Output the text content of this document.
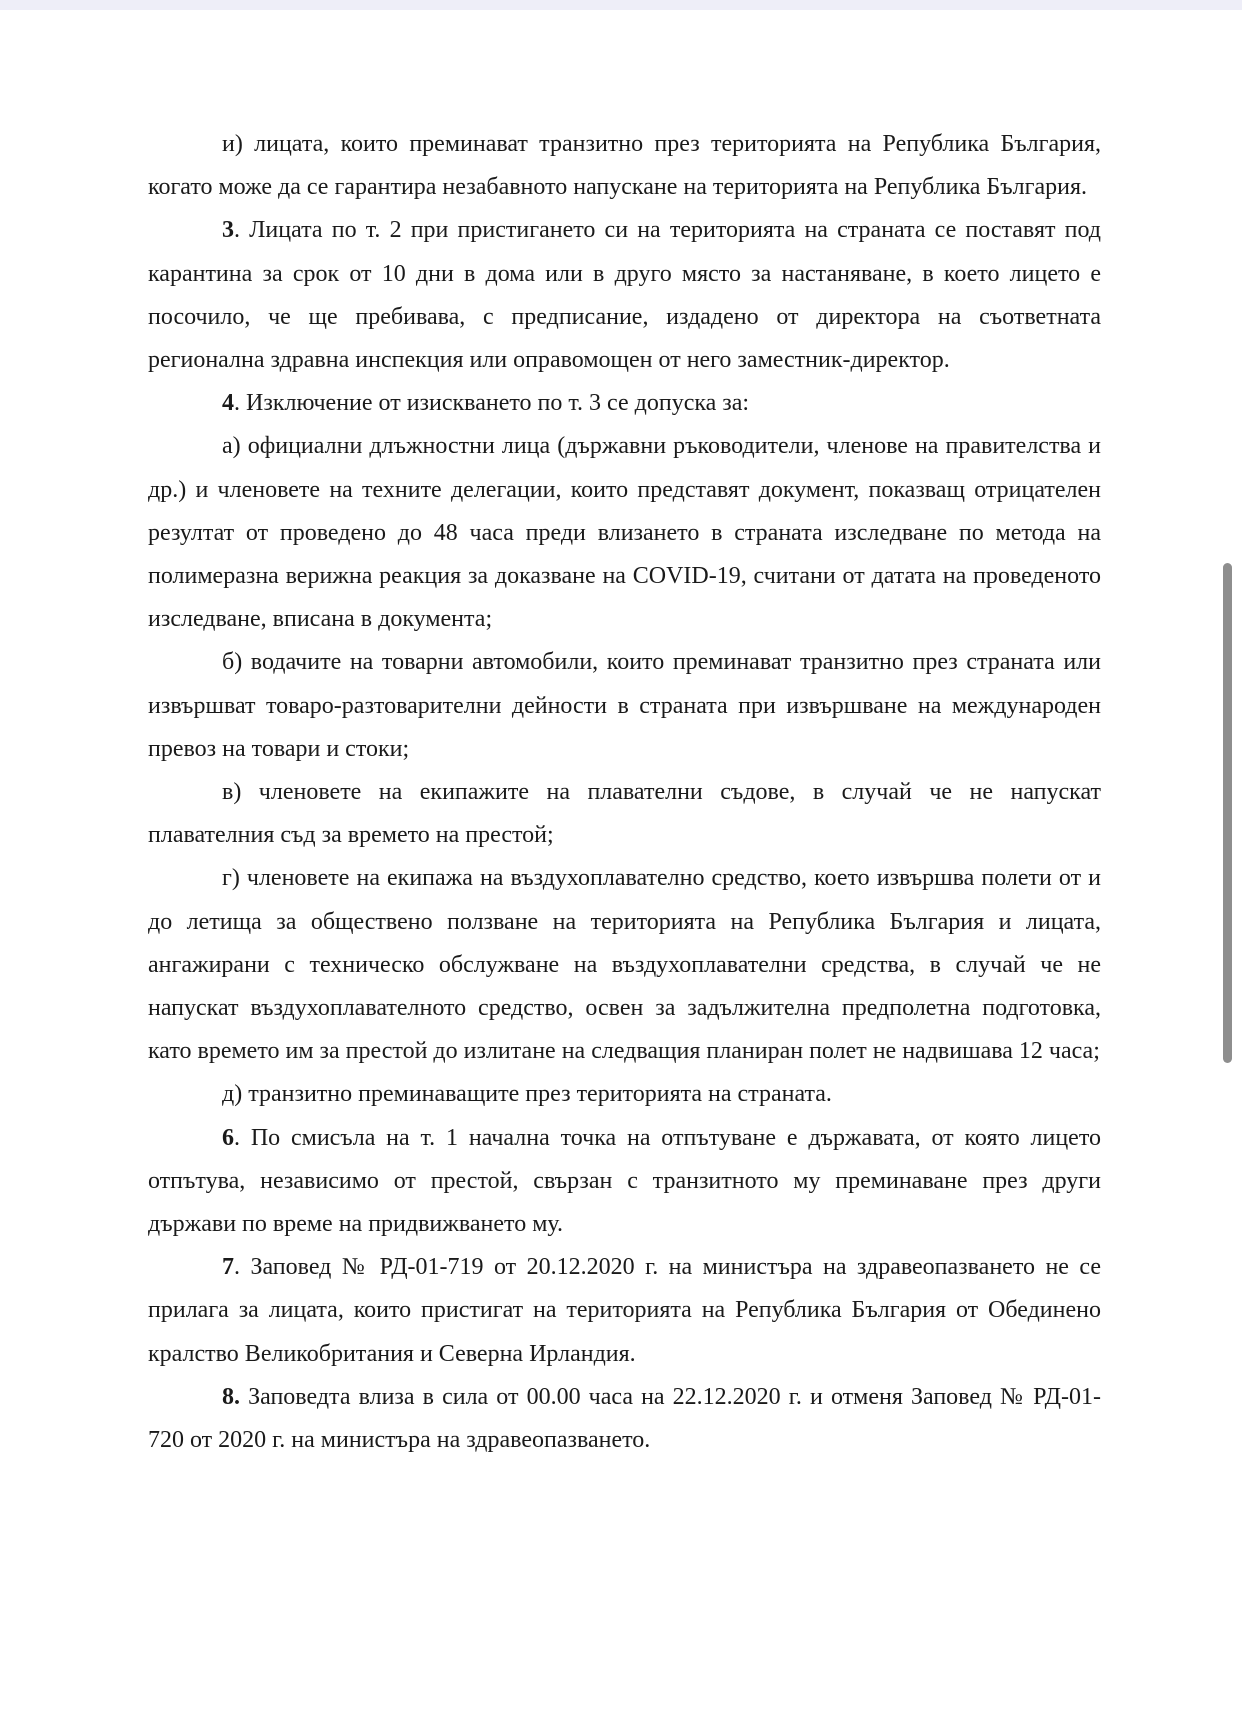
и) лицата, които преминават транзитно през територията на Република България, когато може да се гарантира незабавното напускане на територията на Република България.

3. Лицата по т. 2 при пристигането си на територията на страната се поставят под карантина за срок от 10 дни в дома или в друго място за настаняване, в което лицето е посочило, че ще пребивава, с предписание, издадено от директора на съответната регионална здравна инспекция или оправомощен от него заместник-директор.

4. Изключение от изискването по т. 3 се допуска за:

а) официални длъжностни лица (държавни ръководители, членове на правителства и др.) и членовете на техните делегации, които представят документ, показващ отрицателен резултат от проведено до 48 часа преди влизането в страната изследване по метода на полимеразна верижна реакция за доказване на COVID-19, считани от датата на проведеното изследване, вписана в документа;

б) водачите на товарни автомобили, които преминават транзитно през страната или извършват товаро-разтоварителни дейности в страната при извършване на международен превоз на товари и стоки;

в) членовете на екипажите на плавателни съдове, в случай че не напускат плавателния съд за времето на престой;

г) членовете на екипажа на въздухоплавателно средство, което извършва полети от и до летища за обществено ползване на територията на Република България и лицата, ангажирани с техническо обслужване на въздухоплавателни средства, в случай че не напускат въздухоплавателното средство, освен за задължителна предполетна подготовка, като времето им за престой до излитане на следващия планиран полет не надвишава 12 часа;

д) транзитно преминаващите през територията на страната.

6. По смисъла на т. 1 начална точка на отпътуване е държавата, от която лицето отпътува, независимо от престой, свързан с транзитното му преминаване през други държави по време на придвижването му.

7. Заповед № РД-01-719 от 20.12.2020 г. на министъра на здравеопазването не се прилага за лицата, които пристигат на територията на Република България от Обединено кралство Великобритания и Северна Ирландия.

8. Заповедта влиза в сила от 00.00 часа на 22.12.2020 г. и отменя Заповед № РД-01-720 от 2020 г. на министъра на здравеопазването.
